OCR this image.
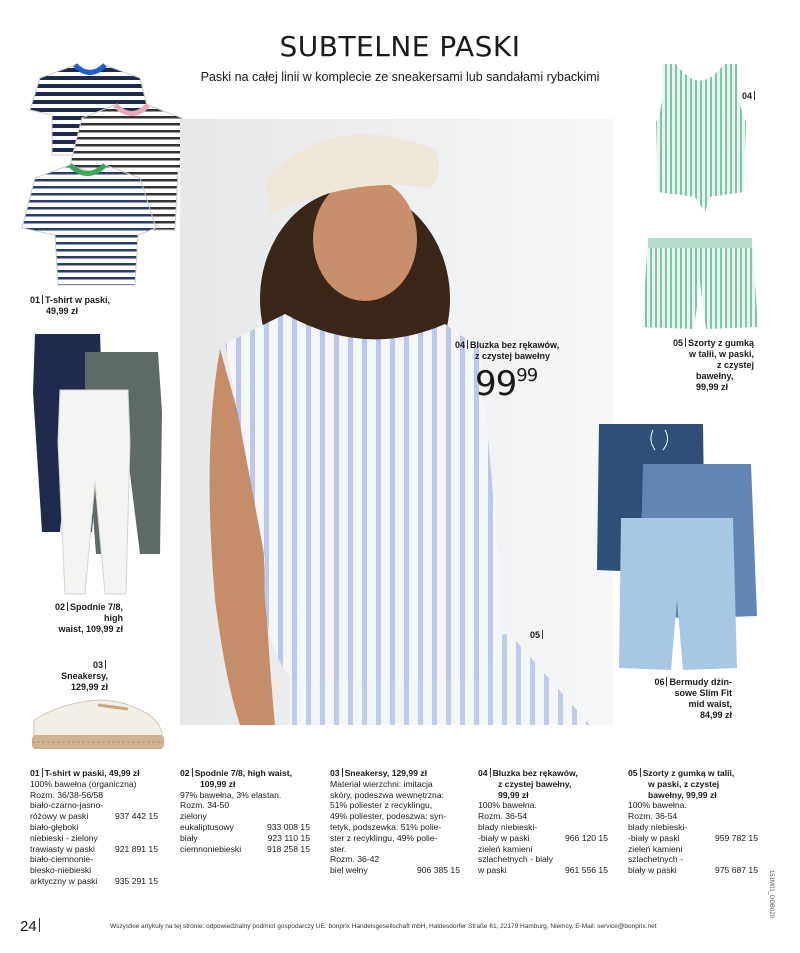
SUBTELNE PASKI
Paski na całej linii w komplecie ze sneakersami lub sandałami rybackimi
01 T-shirt w paski,
49,99 zł
02 Spodnie 7/8, high
waist, 109,99 zł
03Sneakersy,
129,99 zł
04 Bluzka bez rękawów,
z czystej bawełny
$99^{99}$
05
04
05 Szorty z gumką
w talii, w paski,
z czystej
bawełny,
99,99 zł
06 Bermudy dżin-
sowe Slim Fit
mid waist,
84,99 zł
01 T-shirt w paski, 49,99 zł
100% bawełna (organiczna)
Rozm. 36/38-56/58
biało-czarno-jasno-
różowy w paski	937 442 15
biało-głęboki
niebieski - zielony
trawiasty w paski	921 891 15
biało-ciemnonie-
biesko-niebieski
arktyczny w paski	935 291 15
02 Spodnie 7/8, high waist,
109,99 zł
97% bawełna, 3% elastan.
Rozm. 34-50
zielony
eukaliptusowy	933 008 15
biały	923 110 15
ciemnoniebieski	918 258 15
03 Sneakersy, 129,99 zł
Materiał wierzchni: imitacja
skóry, podeszwa wewnętrzna:
51% poliester z recyklingu,
49% poliester, podeszwa: syn-
tetyk, podszewka: 51% polie-
ster z recyklingu, 49% polie-
ster.
Rozm. 36-42
biel wełny	906 385 15
04 Bluzka bez rękawów,
z czystej bawełny,
99,99 zł
100% bawełna.
Rozm. 36-54
blady niebieski-
-biały w paski	966 120 15
zieleń kamieni
szlachetnych - biały
w paski	961 556 15
05 Szorty z gumką w talii,
w paski, z czystej
bawełny, 99,99 zł
100% bawełna.
Rozm. 36-54
blady niebieski-
-biały w paski	959 782 15
zieleń kamieni
szlachetnych -
biały w paski	975 687 15
24	Wszystkie artykuły na tej stronie: odpowiedzialny podmiot gospodarczy UE: bonprix Handelsgesellschaft mbH, Haldesdorfer Straße 61, 22179 Hamburg, Niemcy, E-Mail: service@bonprix.net
151M01_DOB020
